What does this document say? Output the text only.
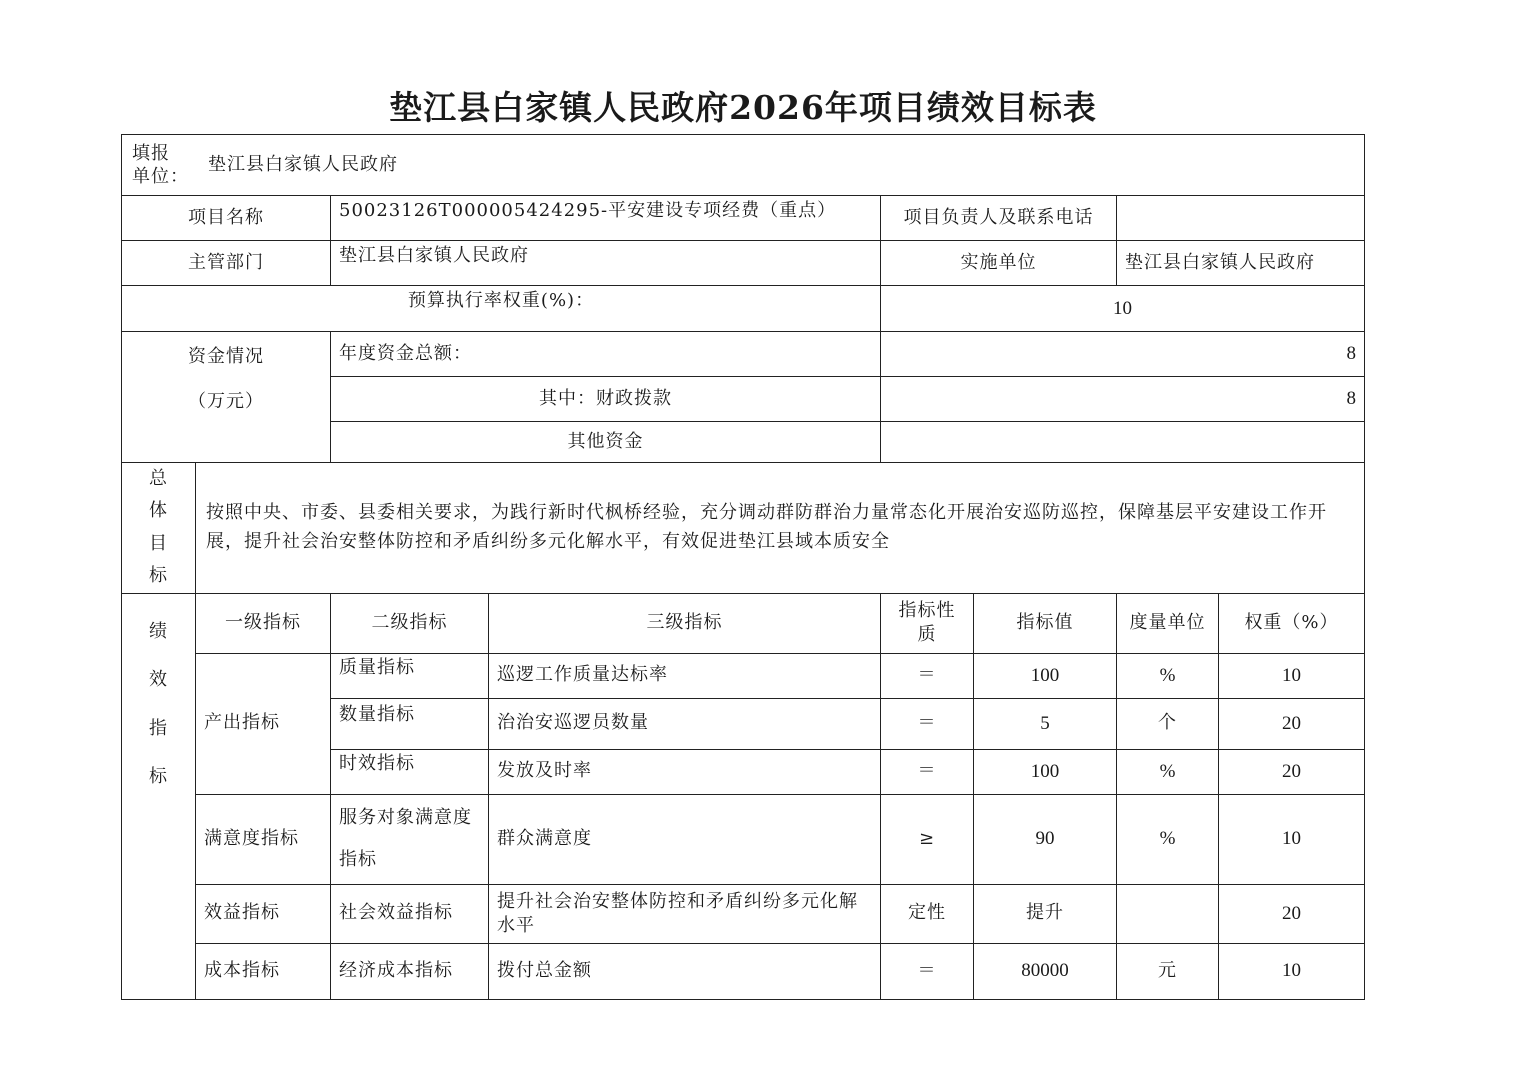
垫江县白家镇人民政府2026年项目绩效目标表
填报
单位：
垫江县白家镇人民政府							

项目名称		50023126T000005424295-平安建设专项经费（重点）		项目负责人及联系电话			
主管部门		垫江县白家镇人民政府		实施单位		垫江县白家镇人民政府	
预算执行率权重(%)：				10			

资金情况
（万元）		年度资金总额：		8			
		其中：财政拨款		8			
		其他资金					

总
体
目
标	按照中央、市委、县委相关要求，为践行新时代枫桥经验，充分调动群防群治力量常态化开展治安巡防巡控，保障基层平安建设工作开展，提升社会治安整体防控和矛盾纠纷多元化解水平，有效促进垫江县域本质安全						

绩
效
指
标	一级指标	二级指标	三级指标	指标性质	指标值	度量单位	权重（%）
	产出指标	质量指标	巡逻工作质量达标率	＝	100	%	10
		数量指标	治治安巡逻员数量	＝	5	个	20
		时效指标	发放及时率	＝	100	%	20
	满意度指标	服务对象满意度指标	群众满意度	≥	90	%	10
	效益指标	社会效益指标	提升社会治安整体防控和矛盾纠纷多元化解水平	定性	提升		20
	成本指标	经济成本指标	拨付总金额	＝	80000	元	10
